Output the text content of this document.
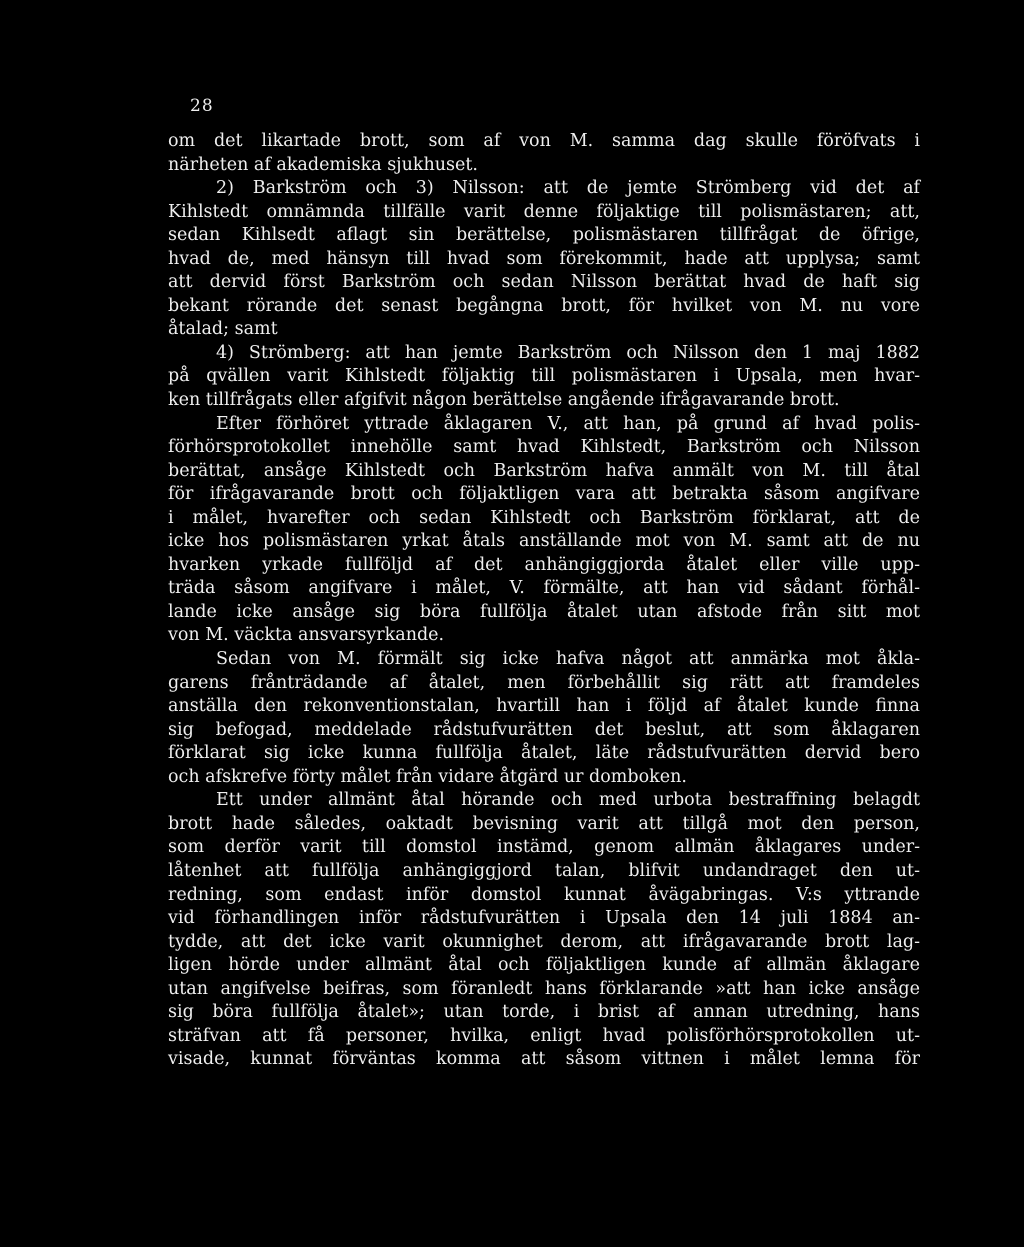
28
om det likartade brott, som af von M. samma dag skulle föröfvats i
närheten af akademiska sjukhuset.
2) Barkström och 3) Nilsson: att de jemte Strömberg vid det af
Kihlstedt omnämnda tillfälle varit denne följaktige till polismästaren; att,
sedan Kihlsedt aflagt sin berättelse, polismästaren tillfrågat de öfrige,
hvad de, med hänsyn till hvad som förekommit, hade att upplysa; samt
att dervid först Barkström och sedan Nilsson berättat hvad de haft sig
bekant rörande det senast begångna brott, för hvilket von M. nu vore
åtalad; samt
4) Strömberg: att han jemte Barkström och Nilsson den 1 maj 1882
på qvällen varit Kihlstedt följaktig till polismästaren i Upsala, men hvar-
ken tillfrågats eller afgifvit någon berättelse angående ifrågavarande brott.
Efter förhöret yttrade åklagaren V., att han, på grund af hvad polis-
förhörsprotokollet innehölle samt hvad Kihlstedt, Barkström och Nilsson
berättat, ansåge Kihlstedt och Barkström hafva anmält von M. till åtal
för ifrågavarande brott och följaktligen vara att betrakta såsom angifvare
i målet, hvarefter och sedan Kihlstedt och Barkström förklarat, att de
icke hos polismästaren yrkat åtals anställande mot von M. samt att de nu
hvarken yrkade fullföljd af det anhängiggjorda åtalet eller ville upp-
träda såsom angifvare i målet, V. förmälte, att han vid sådant förhål-
lande icke ansåge sig böra fullfölja åtalet utan afstode från sitt mot
von M. väckta ansvarsyrkande.
Sedan von M. förmält sig icke hafva något att anmärka mot åkla-
garens frånträdande af åtalet, men förbehållit sig rätt att framdeles
anställa den rekonventionstalan, hvartill han i följd af åtalet kunde finna
sig befogad, meddelade rådstufvurätten det beslut, att som åklagaren
förklarat sig icke kunna fullfölja åtalet, läte rådstufvurätten dervid bero
och afskrefve förty målet från vidare åtgärd ur domboken.
Ett under allmänt åtal hörande och med urbota bestraffning belagdt
brott hade således, oaktadt bevisning varit att tillgå mot den person,
som derför varit till domstol instämd, genom allmän åklagares under-
låtenhet att fullfölja anhängiggjord talan, blifvit undandraget den ut-
redning, som endast inför domstol kunnat åvägabringas. V:s yttrande
vid förhandlingen inför rådstufvurätten i Upsala den 14 juli 1884 an-
tydde, att det icke varit okunnighet derom, att ifrågavarande brott lag-
ligen hörde under allmänt åtal och följaktligen kunde af allmän åklagare
utan angifvelse beifras, som föranledt hans förklarande »att han icke ansåge
sig böra fullfölja åtalet»; utan torde, i brist af annan utredning, hans
sträfvan att få personer, hvilka, enligt hvad polisförhörsprotokollen ut-
visade, kunnat förväntas komma att såsom vittnen i målet lemna för
